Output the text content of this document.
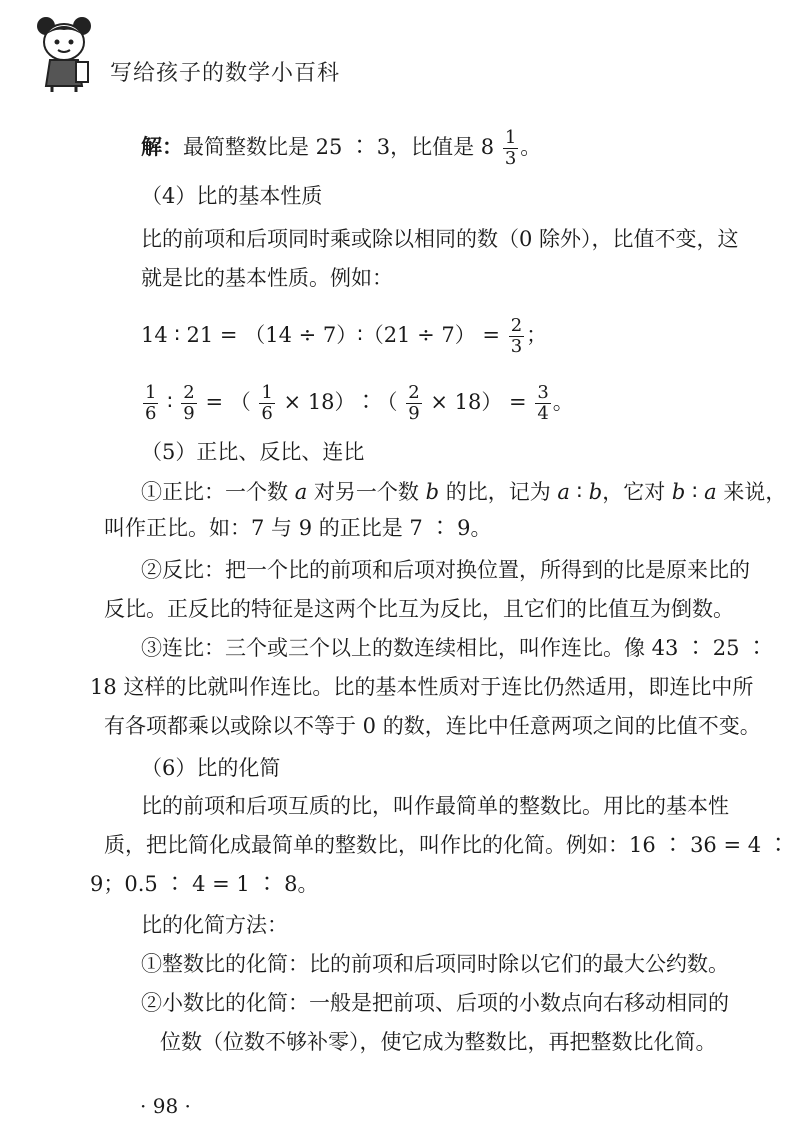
写给孩子的数学小百科
解：最简整数比是 25 ∶ 3，比值是 $8 \frac{1}{3}$ 。
（4）比的基本性质
比的前项和后项同时乘或除以相同的数（0 除外），比值不变，这
就是比的基本性质。例如：
14 ∶ 21 = （14 ÷ 7）∶（21 ÷ $7) = \frac{2}{3}$ ；
$\frac{1}{6}$ ∶ $\frac{2}{9}$ = （ $\frac{1}{6}$ × 18）∶（ $\frac{2}{9} \times 18) = \frac{3}{4}$ 。
（5）正比、反比、连比
①正比：一个数 a 对另一个数 b 的比，记为 a ∶ b，它对 b ∶ a 来说，
叫作正比。如：7 与 9 的正比是 7 ∶ 9。
②反比：把一个比的前项和后项对换位置，所得到的比是原来比的
反比。正反比的特征是这两个比互为反比，且它们的比值互为倒数。
③连比：三个或三个以上的数连续相比，叫作连比。像 43 ∶ 25 ∶
18 这样的比就叫作连比。比的基本性质对于连比仍然适用，即连比中所
有各项都乘以或除以不等于 0 的数，连比中任意两项之间的比值不变。
（6）比的化简
比的前项和后项互质的比，叫作最简单的整数比。用比的基本性
质，把比简化成最简单的整数比，叫作比的化简。例如：16 ∶ 36 = 4 ∶
9；0.5 ∶ 4 = 1 ∶ 8。
比的化简方法：
①整数比的化简：比的前项和后项同时除以它们的最大公约数。
②小数比的化简：一般是把前项、后项的小数点向右移动相同的
位数（位数不够补零），使它成为整数比，再把整数比化简。
· 98 ·
